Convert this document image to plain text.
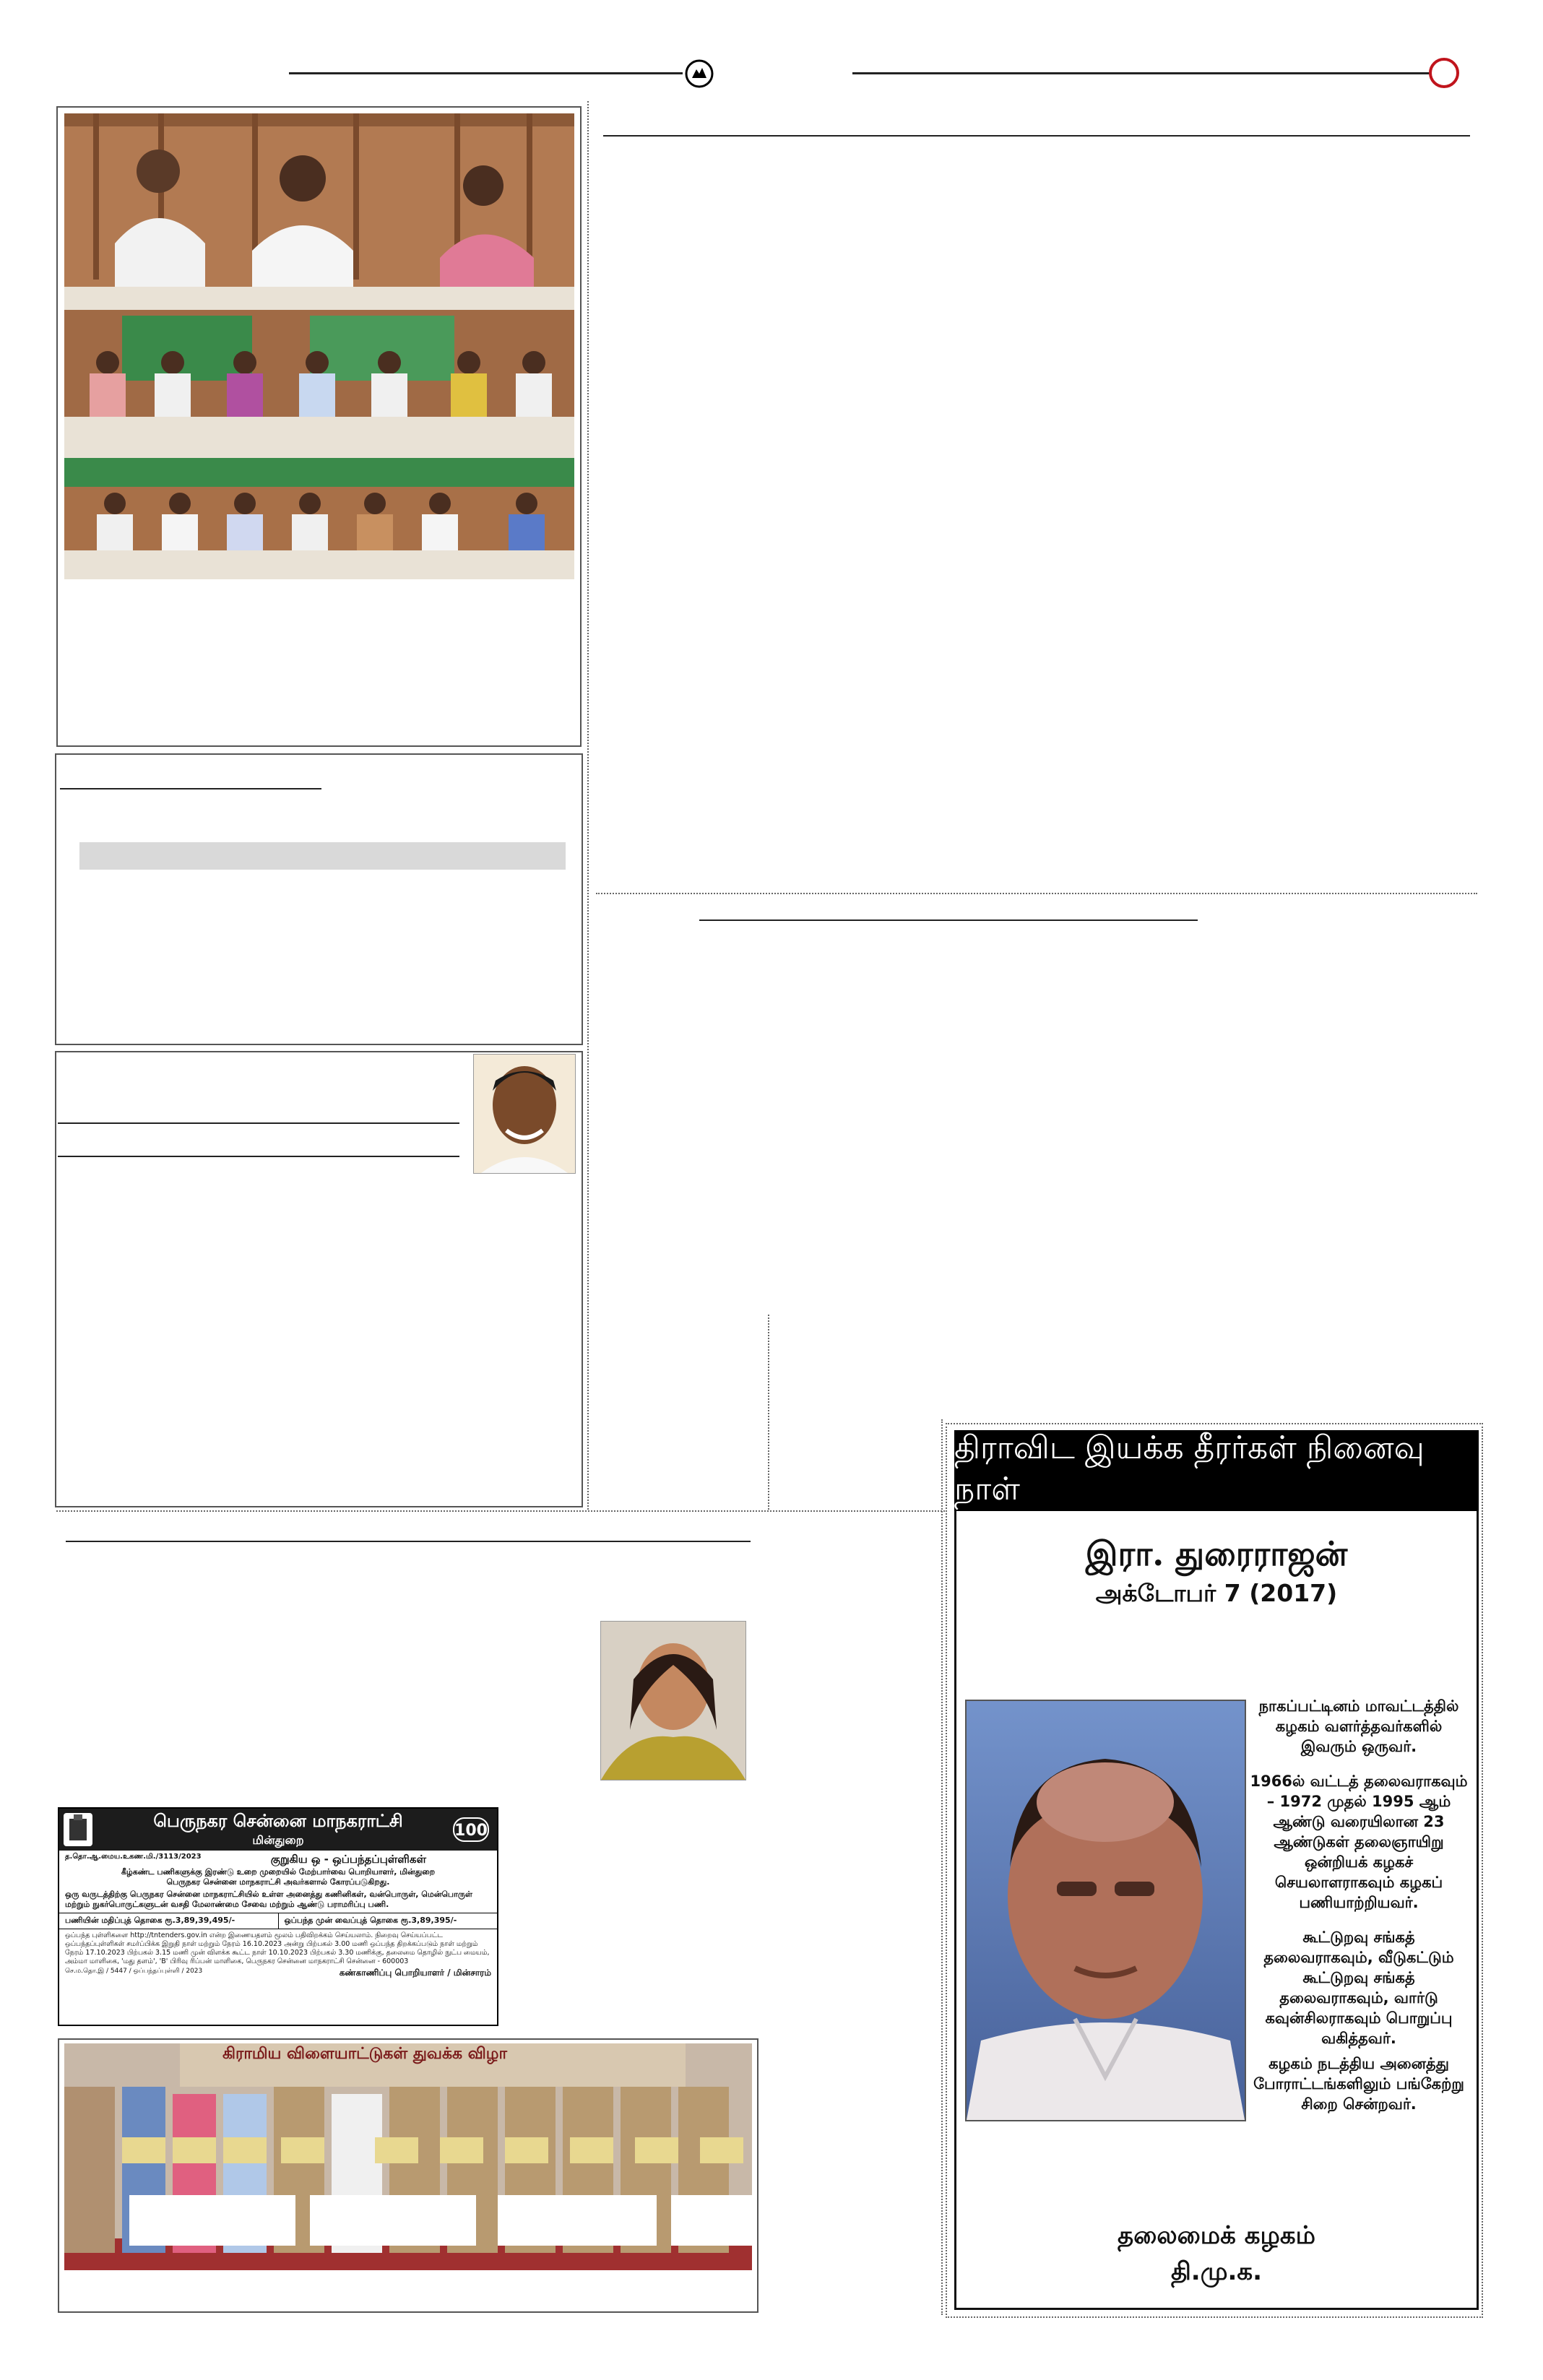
பெருநகர சென்னை மாநகராட்சி
மின்துறை
100
த.தொ.ஆ.மைய.உகண.மி./3113/2023	குறுகிய ஒ - ஒப்பந்தப்புள்ளிகள்
கீழ்கண்ட பணிகளுக்கு இரண்டு உறை முறையில் மேற்பார்வை பொறியாளர், மின்துறை
பெருநகர சென்னை மாநகராட்சி அவர்களால் கோரப்படுகிறது.
ஒரு வருடத்திற்கு பெருநகர சென்னை மாநகராட்சியில் உள்ள அனைத்து கணினிகள், வன்பொருள், மென்பொருள் மற்றும் நுகர்பொருட்களுடன் வசதி மேலாண்மை சேவை மற்றும் ஆண்டு பராமரிப்பு பணி.
பணியின் மதிப்புத் தொகை ரூ.3,89,39,495/-	ஒப்பந்த முன் வைப்புத் தொகை ரூ.3,89,395/-
ஒப்பந்த புள்ளிகளை http://tntenders.gov.in என்ற இணையதளம் மூலம் பதிவிறக்கம் செய்யலாம். நிறைவு செய்யப்பட்ட ஒப்பந்தப்புள்ளிகள் சமர்ப்பிக்க இறுதி நாள் மற்றும் நேரம் 16.10.2023 அன்று பிற்பகல் 3.00 மணி ஒப்பந்த திறக்கப்படும் நாள் மற்றும் நேரம் 17.10.2023 பிற்பகல் 3.15 மணி முன் விளக்க கூட்ட நாள் 10.10.2023 பிற்பகல் 3.30 மணிக்கு, தலைமை தொழில் நுட்ப மையம், அம்மா மாளிகை, 'மது தளம்', 'B' பிரிவு ரிப்பன் மாளிகை, பெருநகர சென்னை மாநகராட்சி சென்னை - 600003
செ.ம.தொ.இ / 5447 / ஒப்பந்தப்புள்ளி / 2023	கண்காணிப்பு பொறியாளர் / மின்சாரம்
கிராமிய விளையாட்டுகள் துவக்க விழா
திராவிட இயக்க தீரர்கள் நினைவு நாள்
இரா. துரைராஜன்
அக்டோபர் 7 (2017)
நாகப்பட்டினம் மாவட்டத்தில் கழகம் வளர்த்தவர்களில் இவரும் ஒருவர்.
1966ல் வட்டத் தலைவராகவும் – 1972 முதல் 1995 ஆம் ஆண்டு வரையிலான 23 ஆண்டுகள் தலைஞாயிறு ஒன்றியக் கழகச் செயலாளராகவும் கழகப் பணியாற்றியவர்.
கூட்டுறவு சங்கத் தலைவராகவும், வீடுகட்டும் கூட்டுறவு சங்கத் தலைவராகவும், வார்டு கவுன்சிலராகவும் பொறுப்பு வகித்தவர்.
கழகம் நடத்திய அனைத்து போராட்டங்களிலும் பங்கேற்று சிறை சென்றவர்.
தலைமைக் கழகம்
தி.மு.க.
